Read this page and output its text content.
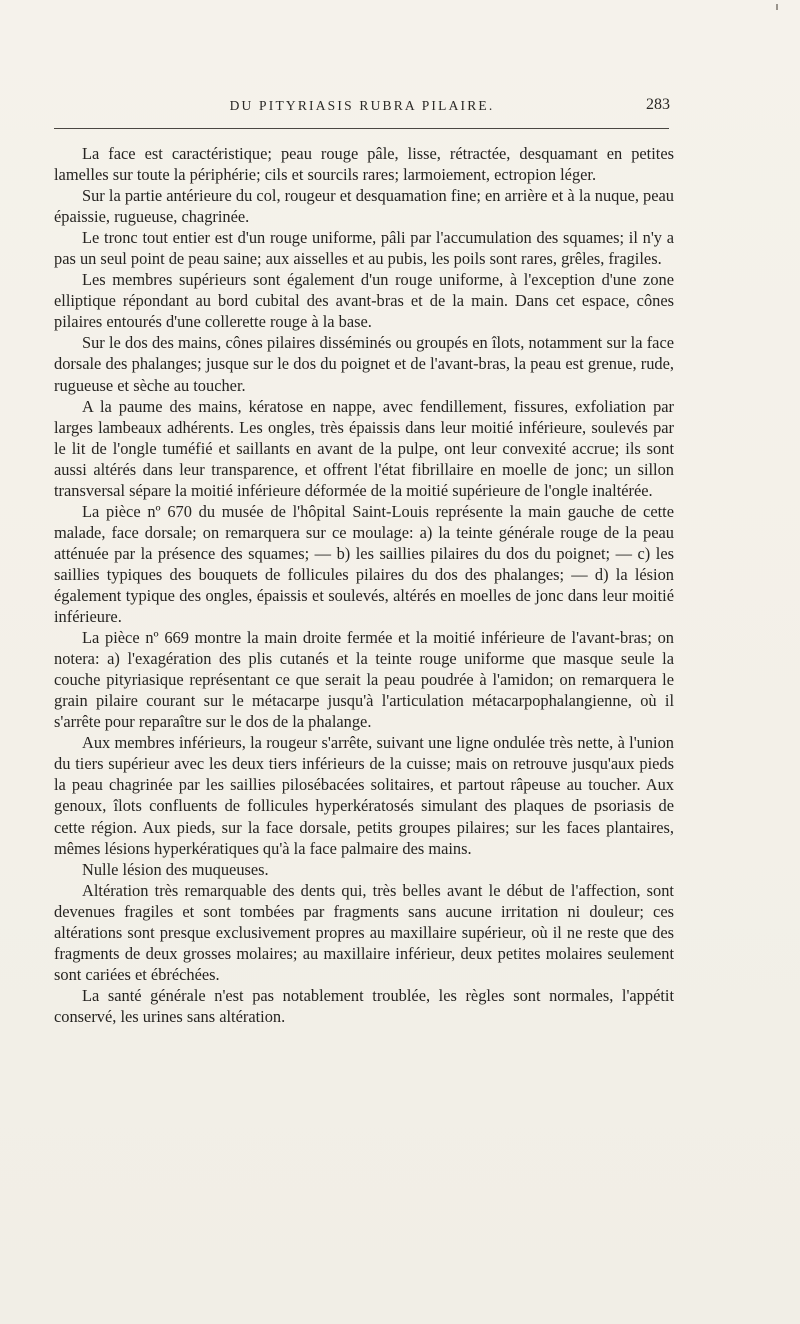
DU PITYRIASIS RUBRA PILAIRE.	283

La face est caractéristique; peau rouge pâle, lisse, rétractée, desquamant en petites lamelles sur toute la périphérie; cils et sourcils rares; larmoiement, ectropion léger.

Sur la partie antérieure du col, rougeur et desquamation fine; en arrière et à la nuque, peau épaissie, rugueuse, chagrinée.

Le tronc tout entier est d'un rouge uniforme, pâli par l'accumulation des squames; il n'y a pas un seul point de peau saine; aux aisselles et au pubis, les poils sont rares, grêles, fragiles.

Les membres supérieurs sont également d'un rouge uniforme, à l'exception d'une zone elliptique répondant au bord cubital des avant-bras et de la main. Dans cet espace, cônes pilaires entourés d'une collerette rouge à la base.

Sur le dos des mains, cônes pilaires disséminés ou groupés en îlots, notamment sur la face dorsale des phalanges; jusque sur le dos du poignet et de l'avant-bras, la peau est grenue, rude, rugueuse et sèche au toucher.

A la paume des mains, kératose en nappe, avec fendillement, fissures, exfoliation par larges lambeaux adhérents. Les ongles, très épaissis dans leur moitié inférieure, soulevés par le lit de l'ongle tuméfié et saillants en avant de la pulpe, ont leur convexité accrue; ils sont aussi altérés dans leur transparence, et offrent l'état fibrillaire en moelle de jonc; un sillon transversal sépare la moitié inférieure déformée de la moitié supérieure de l'ongle inaltérée.

La pièce nº 670 du musée de l'hôpital Saint-Louis représente la main gauche de cette malade, face dorsale; on remarquera sur ce moulage: a) la teinte générale rouge de la peau atténuée par la présence des squames; — b) les saillies pilaires du dos du poignet; — c) les saillies typiques des bouquets de follicules pilaires du dos des phalanges; — d) la lésion également typique des ongles, épaissis et soulevés, altérés en moelles de jonc dans leur moitié inférieure.

La pièce nº 669 montre la main droite fermée et la moitié inférieure de l'avant-bras; on notera: a) l'exagération des plis cutanés et la teinte rouge uniforme que masque seule la couche pityriasique représentant ce que serait la peau poudrée à l'amidon; on remarquera le grain pilaire courant sur le métacarpe jusqu'à l'articulation métacarpophalangienne, où il s'arrête pour reparaître sur le dos de la phalange.

Aux membres inférieurs, la rougeur s'arrête, suivant une ligne ondulée très nette, à l'union du tiers supérieur avec les deux tiers inférieurs de la cuisse; mais on retrouve jusqu'aux pieds la peau chagrinée par les saillies pilosébacées solitaires, et partout râpeuse au toucher. Aux genoux, îlots confluents de follicules hyperkératosés simulant des plaques de psoriasis de cette région. Aux pieds, sur la face dorsale, petits groupes pilaires; sur les faces plantaires, mêmes lésions hyperkératiques qu'à la face palmaire des mains.

Nulle lésion des muqueuses.

Altération très remarquable des dents qui, très belles avant le début de l'affection, sont devenues fragiles et sont tombées par fragments sans aucune irritation ni douleur; ces altérations sont presque exclusivement propres au maxillaire supérieur, où il ne reste que des fragments de deux grosses molaires; au maxillaire inférieur, deux petites molaires seulement sont cariées et ébréchées.

La santé générale n'est pas notablement troublée, les règles sont normales, l'appétit conservé, les urines sans altération.
